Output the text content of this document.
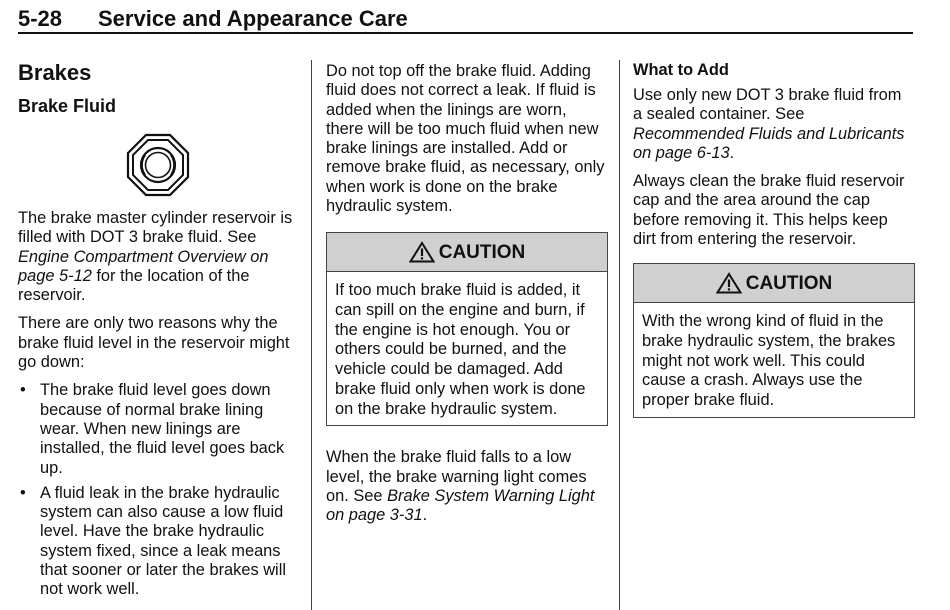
5-28 Service and Appearance Care
Brakes
Brake Fluid

The brake master cylinder reservoir is filled with DOT 3 brake fluid. See Engine Compartment Overview on page 5-12 for the location of the reservoir.

There are only two reasons why the brake fluid level in the reservoir might go down:

• The brake fluid level goes down because of normal brake lining wear. When new linings are installed, the fluid level goes back up.
• A fluid leak in the brake hydraulic system can also cause a low fluid level. Have the brake hydraulic system fixed, since a leak means that sooner or later the brakes will not work well.

Do not top off the brake fluid. Adding fluid does not correct a leak. If fluid is added when the linings are worn, there will be too much fluid when new brake linings are installed. Add or remove brake fluid, as necessary, only when work is done on the brake hydraulic system.

CAUTION
If too much brake fluid is added, it can spill on the engine and burn, if the engine is hot enough. You or others could be burned, and the vehicle could be damaged. Add brake fluid only when work is done on the brake hydraulic system.

When the brake fluid falls to a low level, the brake warning light comes on. See Brake System Warning Light on page 3-31.

What to Add

Use only new DOT 3 brake fluid from a sealed container. See Recommended Fluids and Lubricants on page 6-13.

Always clean the brake fluid reservoir cap and the area around the cap before removing it. This helps keep dirt from entering the reservoir.

CAUTION
With the wrong kind of fluid in the brake hydraulic system, the brakes might not work well. This could cause a crash. Always use the proper brake fluid.
